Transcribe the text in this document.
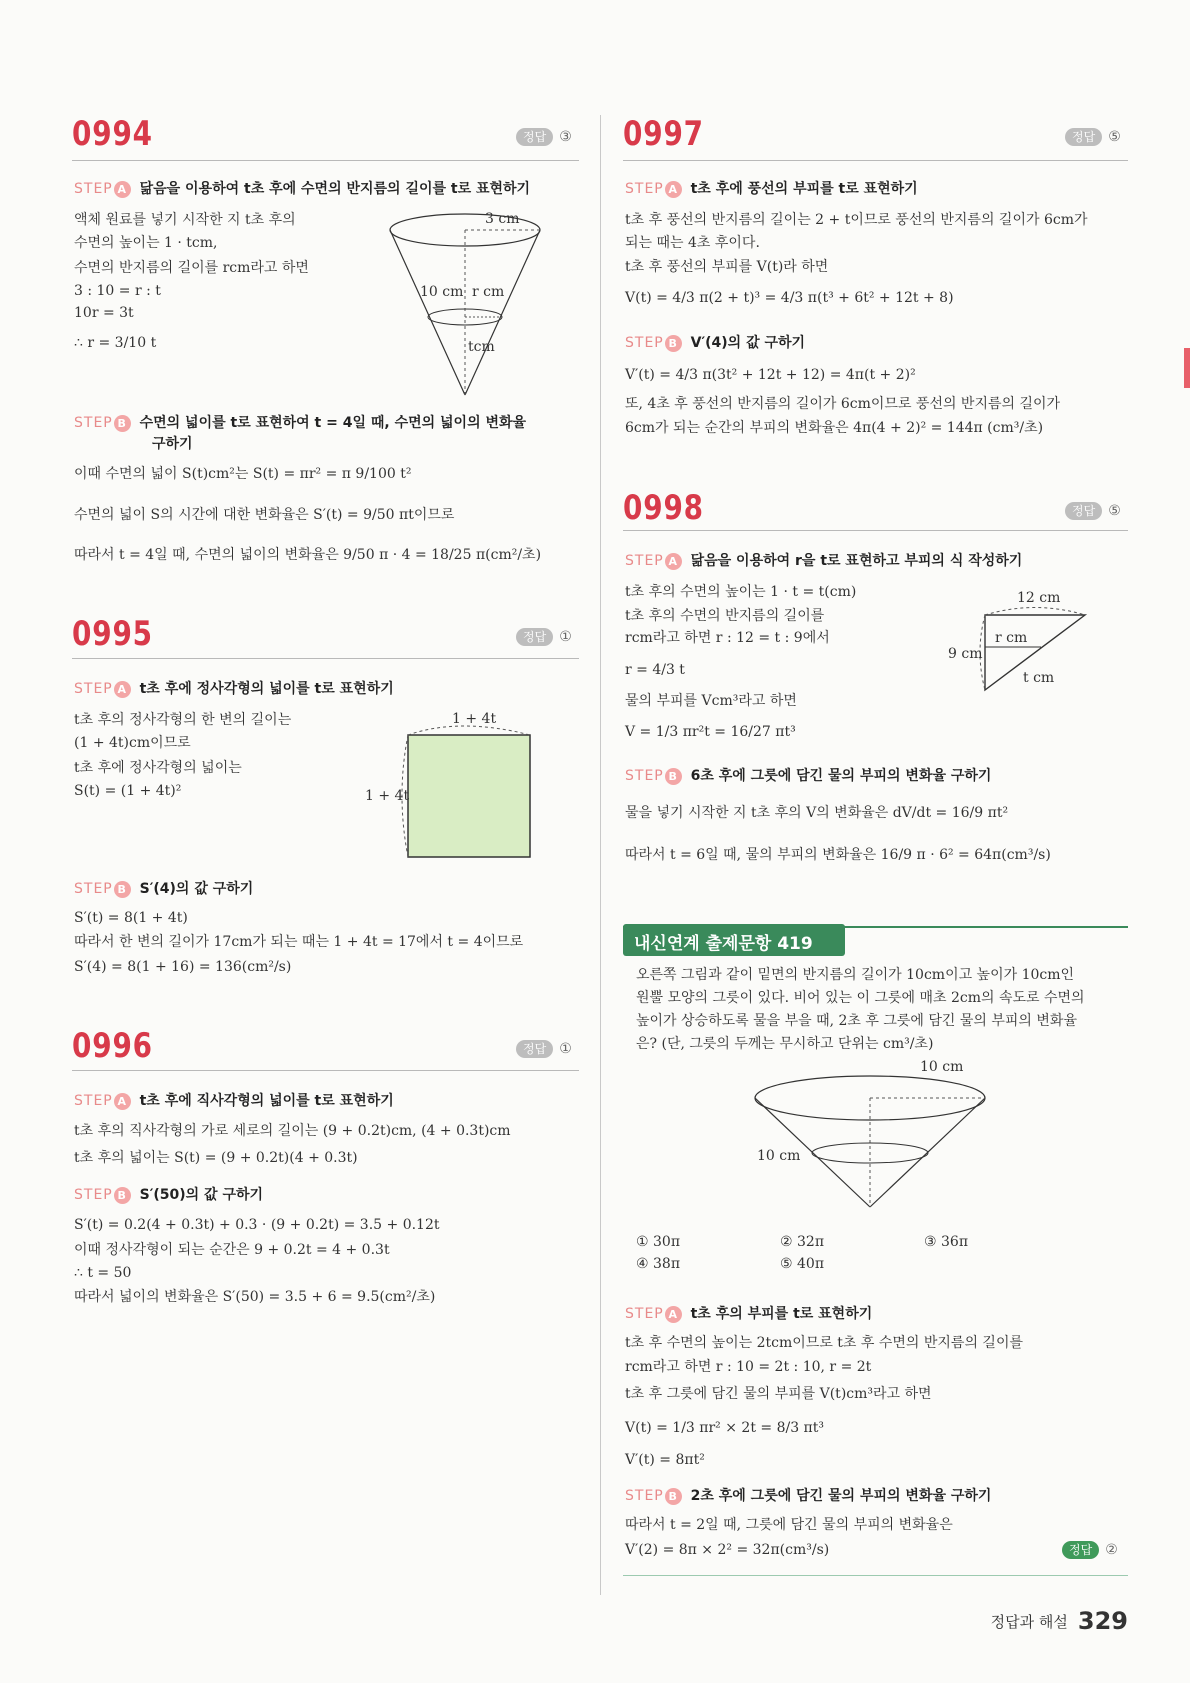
0994	정답 ③
STEP A 닮음을 이용하여 t초 후에 수면의 반지름의 길이를 t로 표현하기
액체 원료를 넣기 시작한 지 t초 후의
수면의 높이는 1 · tcm,
수면의 반지름의 길이를 rcm라고 하면
3 : 10 = r : t
10r = 3t
∴ r = 3/10 t
3 cm
10 cm r cm
tcm
STEP B 수면의 넓이를 t로 표현하여 t = 4일 때, 수면의 넓이의 변화율
구하기
이때 수면의 넓이 S(t)cm²는 S(t) = πr² = π 9/100 t²
수면의 넓이 S의 시간에 대한 변화율은 S′(t) = 9/50 πt이므로
따라서 t = 4일 때, 수면의 넓이의 변화율은 9/50 π · 4 = 18/25 π(cm²/초)
0995	정답 ①
STEP A t초 후에 정사각형의 넓이를 t로 표현하기
t초 후의 정사각형의 한 변의 길이는
(1 + 4t)cm이므로
t초 후에 정사각형의 넓이는
S(t) = (1 + 4t)²
1 + 4t
1 + 4t
STEP B S′(4)의 값 구하기
S′(t) = 8(1 + 4t)
따라서 한 변의 길이가 17cm가 되는 때는 1 + 4t = 17에서 t = 4이므로
S′(4) = 8(1 + 16) = 136(cm²/s)
0996	정답 ①
STEP A t초 후에 직사각형의 넓이를 t로 표현하기
t초 후의 직사각형의 가로 세로의 길이는 (9 + 0.2t)cm, (4 + 0.3t)cm
t초 후의 넓이는 S(t) = (9 + 0.2t)(4 + 0.3t)
STEP B S′(50)의 값 구하기
S′(t) = 0.2(4 + 0.3t) + 0.3 · (9 + 0.2t) = 3.5 + 0.12t
이때 정사각형이 되는 순간은 9 + 0.2t = 4 + 0.3t
∴ t = 50
따라서 넓이의 변화율은 S′(50) = 3.5 + 6 = 9.5(cm²/초)
0997	정답 ⑤
STEP A t초 후에 풍선의 부피를 t로 표현하기
t초 후 풍선의 반지름의 길이는 2 + t이므로 풍선의 반지름의 길이가 6cm가
되는 때는 4초 후이다.
t초 후 풍선의 부피를 V(t)라 하면
V(t) = 4/3 π(2 + t)³ = 4/3 π(t³ + 6t² + 12t + 8)
STEP B V′(4)의 값 구하기
V′(t) = 4/3 π(3t² + 12t + 12) = 4π(t + 2)²
또, 4초 후 풍선의 반지름의 길이가 6cm이므로 풍선의 반지름의 길이가
6cm가 되는 순간의 부피의 변화율은 4π(4 + 2)² = 144π (cm³/초)
0998	정답 ⑤
STEP A 닮음을 이용하여 r을 t로 표현하고 부피의 식 작성하기
t초 후의 수면의 높이는 1 · t = t(cm)
t초 후의 수면의 반지름의 길이를
rcm라고 하면 r : 12 = t : 9에서
r = 4/3 t
물의 부피를 Vcm³라고 하면
V = 1/3 πr²t = 16/27 πt³
12 cm
9 cm
r cm
t cm
STEP B 6초 후에 그릇에 담긴 물의 부피의 변화율 구하기
물을 넣기 시작한 지 t초 후의 V의 변화율은 dV/dt = 16/9 πt²
따라서 t = 6일 때, 물의 부피의 변화율은 16/9 π · 6² = 64π(cm³/s)
내신연계 출제문항 419
오른쪽 그림과 같이 밑면의 반지름의 길이가 10cm이고 높이가 10cm인
원뿔 모양의 그릇이 있다. 비어 있는 이 그릇에 매초 2cm의 속도로 수면의
높이가 상승하도록 물을 부을 때, 2초 후 그릇에 담긴 물의 부피의 변화율
은? (단, 그릇의 두께는 무시하고 단위는 cm³/초)
10 cm
10 cm
① 30π	② 32π	③ 36π
④ 38π	⑤ 40π
STEP A t초 후의 부피를 t로 표현하기
t초 후 수면의 높이는 2tcm이므로 t초 후 수면의 반지름의 길이를
rcm라고 하면 r : 10 = 2t : 10, r = 2t
t초 후 그릇에 담긴 물의 부피를 V(t)cm³라고 하면
V(t) = 1/3 πr² × 2t = 8/3 πt³
V′(t) = 8πt²
STEP B 2초 후에 그릇에 담긴 물의 부피의 변화율 구하기
따라서 t = 2일 때, 그릇에 담긴 물의 부피의 변화율은
V′(2) = 8π × 2² = 32π(cm³/s)	정답 ②
정답과 해설 329
